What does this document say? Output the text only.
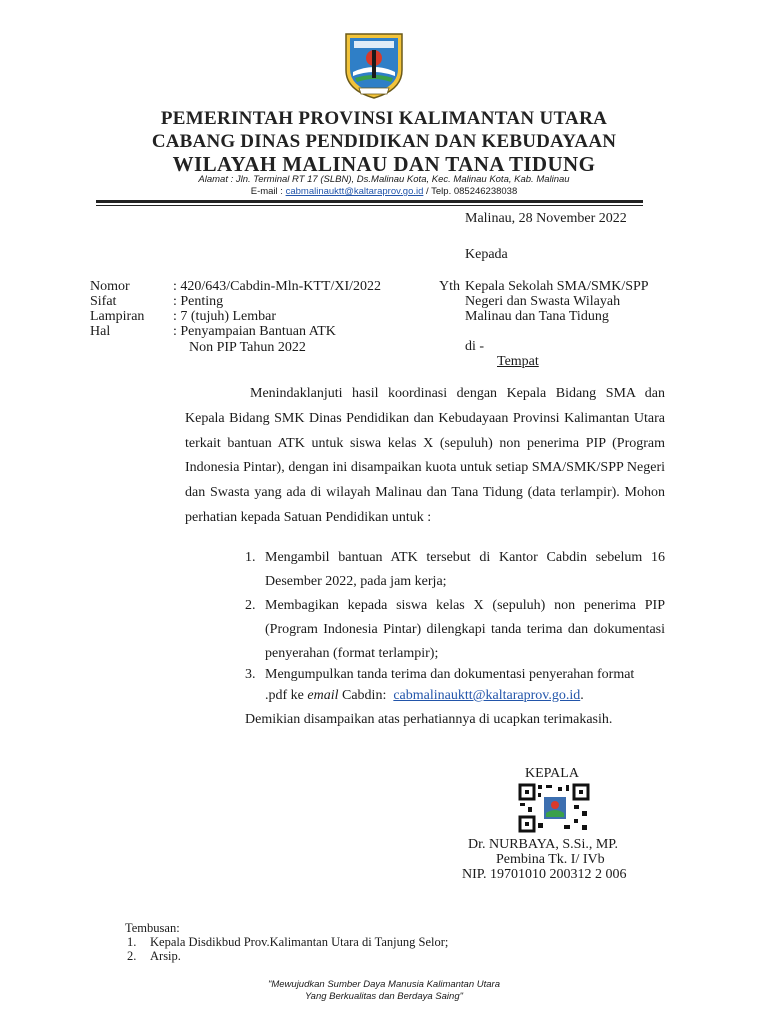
PEMERINTAH PROVINSI KALIMANTAN UTARA
CABANG DINAS PENDIDIKAN DAN KEBUDAYAAN
WILAYAH MALINAU DAN TANA TIDUNG
Alamat : Jln. Terminal RT 17 (SLBN), Ds.Malinau Kota, Kec. Malinau Kota, Kab. Malinau
E-mail : cabmalinauktt@kaltaraprov.go.id / Telp. 085246238038
Malinau, 28 November 2022
Kepada
Yth Kepala Sekolah SMA/SMK/SPP
Negeri dan Swasta Wilayah
Malinau dan Tana Tidung
di -
Tempat
Nomor	: 420/643/Cabdin-Mln-KTT/XI/2022
Sifat	: Penting
Lampiran : 7 (tujuh) Lembar
Hal	: Penyampaian Bantuan ATK
Non PIP Tahun 2022
Menindaklanjuti hasil koordinasi dengan Kepala Bidang SMA dan Kepala Bidang SMK Dinas Pendidikan dan Kebudayaan Provinsi Kalimantan Utara terkait bantuan ATK untuk siswa kelas X (sepuluh) non penerima PIP (Program Indonesia Pintar), dengan ini disampaikan kuota untuk setiap SMA/SMK/SPP Negeri dan Swasta yang ada di wilayah Malinau dan Tana Tidung (data terlampir). Mohon perhatian kepada Satuan Pendidikan untuk :
1. Mengambil bantuan ATK tersebut di Kantor Cabdin sebelum 16 Desember 2022, pada jam kerja;
2. Membagikan kepada siswa kelas X (sepuluh) non penerima PIP (Program Indonesia Pintar) dilengkapi tanda terima dan dokumentasi penyerahan (format terlampir);
3. Mengumpulkan tanda terima dan dokumentasi penyerahan format
.pdf ke email Cabdin: cabmalinauktt@kaltaraprov.go.id.
Demikian disampaikan atas perhatiannya di ucapkan terimakasih.
KEPALA
Dr. NURBAYA, S.Si., MP.
Pembina Tk. I/ IVb
NIP. 19701010 200312 2 006
Tembusan:
1. Kepala Disdikbud Prov.Kalimantan Utara di Tanjung Selor;
2. Arsip.
"Mewujudkan Sumber Daya Manusia Kalimantan Utara
Yang Berkualitas dan Berdaya Saing"
